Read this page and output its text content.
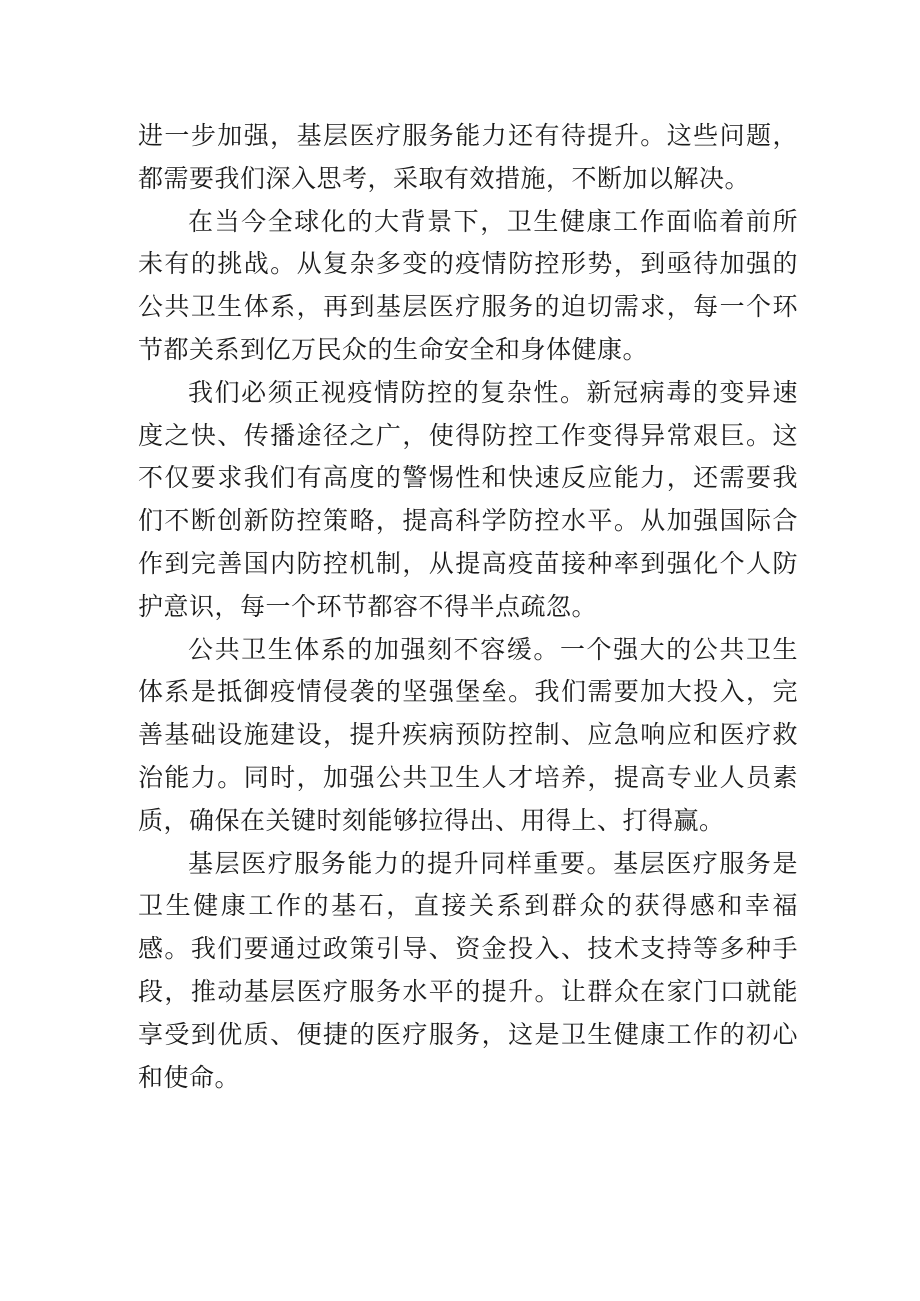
进一步加强，基层医疗服务能力还有待提升。这些问题，都需要我们深入思考，采取有效措施，不断加以解决。

在当今全球化的大背景下，卫生健康工作面临着前所未有的挑战。从复杂多变的疫情防控形势，到亟待加强的公共卫生体系，再到基层医疗服务的迫切需求，每一个环节都关系到亿万民众的生命安全和身体健康。

我们必须正视疫情防控的复杂性。新冠病毒的变异速度之快、传播途径之广，使得防控工作变得异常艰巨。这不仅要求我们有高度的警惕性和快速反应能力，还需要我们不断创新防控策略，提高科学防控水平。从加强国际合作到完善国内防控机制，从提高疫苗接种率到强化个人防护意识，每一个环节都容不得半点疏忽。

公共卫生体系的加强刻不容缓。一个强大的公共卫生体系是抵御疫情侵袭的坚强堡垒。我们需要加大投入，完善基础设施建设，提升疾病预防控制、应急响应和医疗救治能力。同时，加强公共卫生人才培养，提高专业人员素质，确保在关键时刻能够拉得出、用得上、打得赢。

基层医疗服务能力的提升同样重要。基层医疗服务是卫生健康工作的基石，直接关系到群众的获得感和幸福感。我们要通过政策引导、资金投入、技术支持等多种手段，推动基层医疗服务水平的提升。让群众在家门口就能享受到优质、便捷的医疗服务，这是卫生健康工作的初心和使命。
